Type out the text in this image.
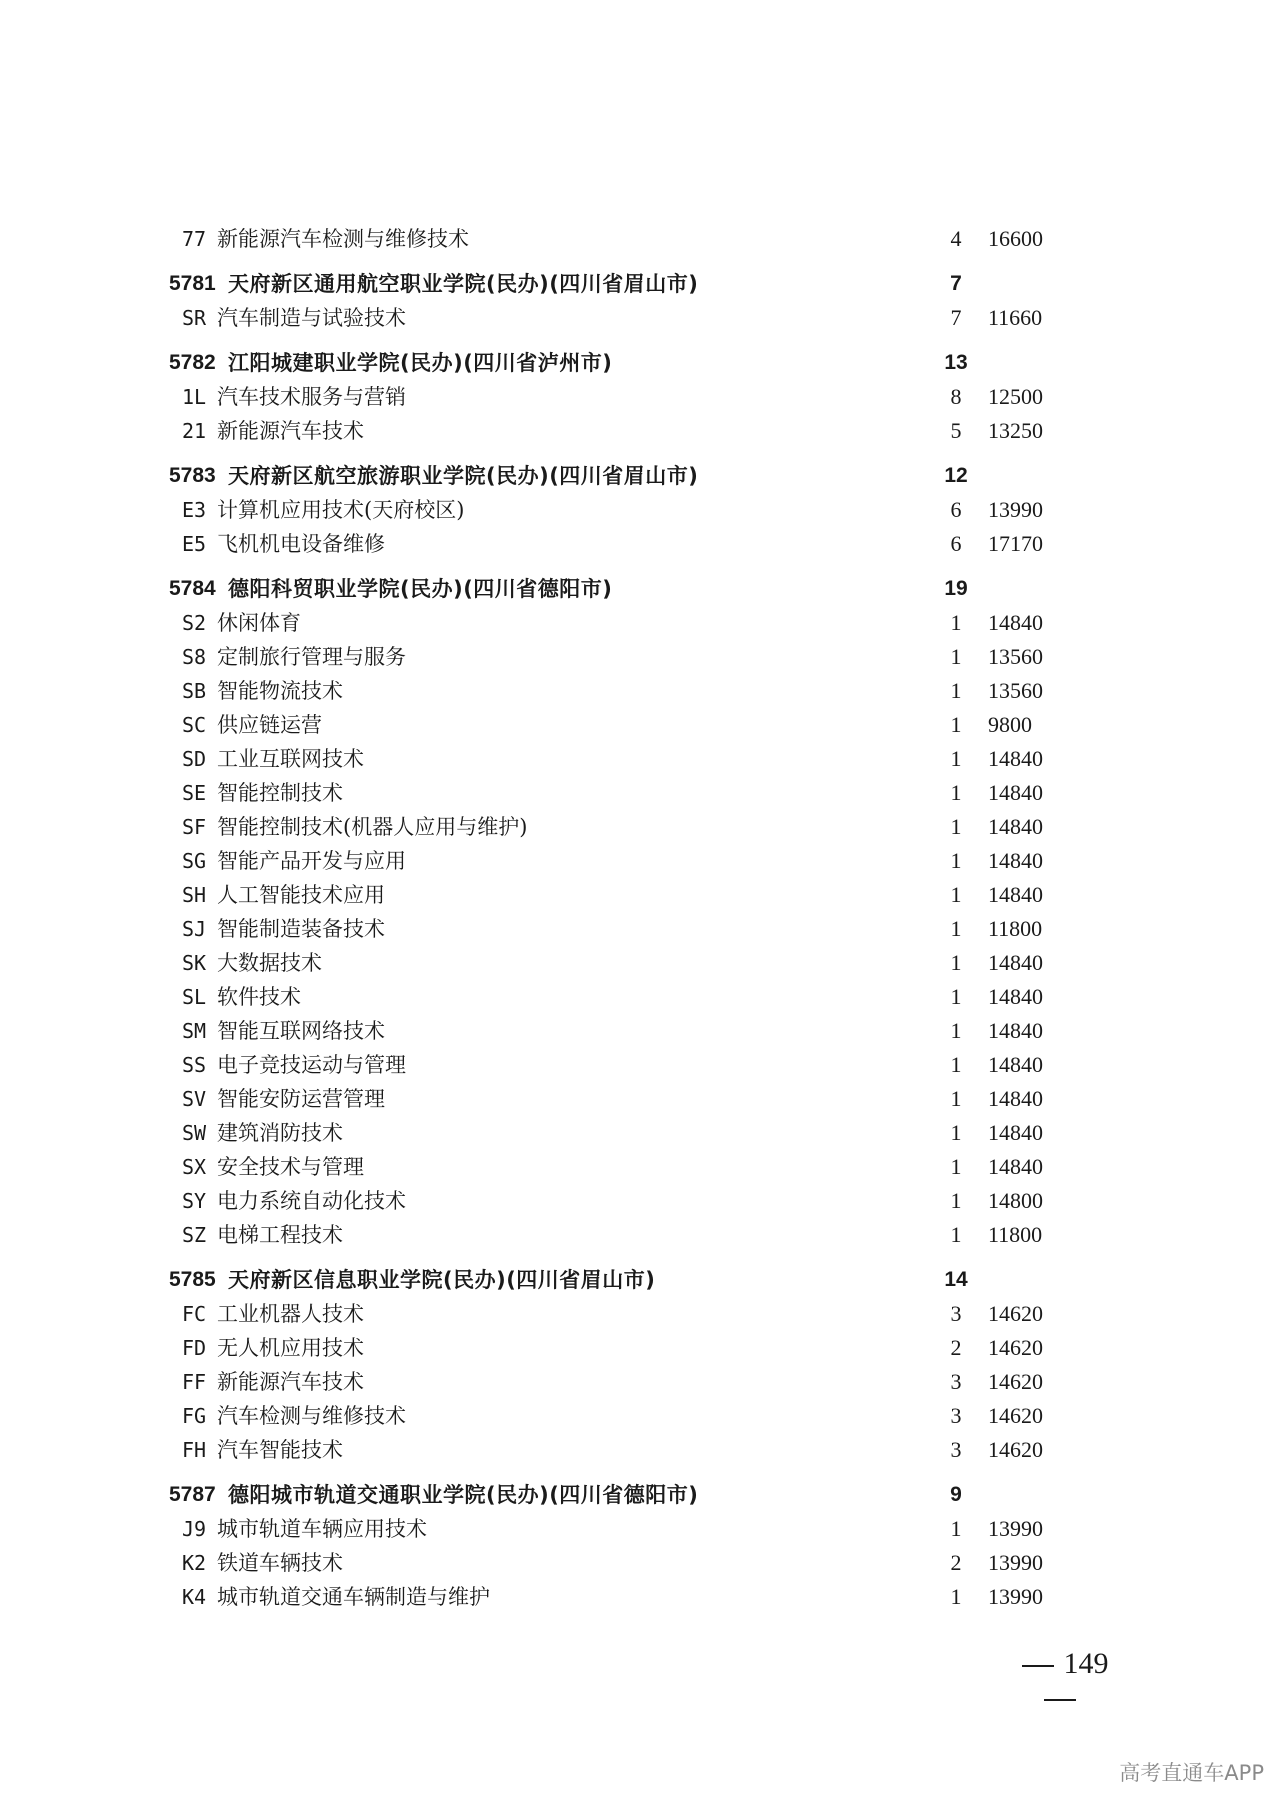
77 新能源汽车检测与维修技术	4 16600
5781 天府新区通用航空职业学院(民办)(四川省眉山市)	7
SR 汽车制造与试验技术	7 11660
5782 江阳城建职业学院(民办)(四川省泸州市)	13
1L 汽车技术服务与营销	8 12500
21 新能源汽车技术	5 13250
5783 天府新区航空旅游职业学院(民办)(四川省眉山市)	12
E3 计算机应用技术(天府校区)	6 13990
E5 飞机机电设备维修	6 17170
5784 德阳科贸职业学院(民办)(四川省德阳市)	19
S2 休闲体育	1 14840
S8 定制旅行管理与服务	1 13560
SB 智能物流技术	1 13560
SC 供应链运营	1 9800
SD 工业互联网技术	1 14840
SE 智能控制技术	1 14840
SF 智能控制技术(机器人应用与维护)	1 14840
SG 智能产品开发与应用	1 14840
SH 人工智能技术应用	1 14840
SJ 智能制造装备技术	1 11800
SK 大数据技术	1 14840
SL 软件技术	1 14840
SM 智能互联网络技术	1 14840
SS 电子竞技运动与管理	1 14840
SV 智能安防运营管理	1 14840
SW 建筑消防技术	1 14840
SX 安全技术与管理	1 14840
SY 电力系统自动化技术	1 14800
SZ 电梯工程技术	1 11800
5785 天府新区信息职业学院(民办)(四川省眉山市)	14
FC 工业机器人技术	3 14620
FD 无人机应用技术	2 14620
FF 新能源汽车技术	3 14620
FG 汽车检测与维修技术	3 14620
FH 汽车智能技术	3 14620
5787 德阳城市轨道交通职业学院(民办)(四川省德阳市)	9
J9 城市轨道车辆应用技术	1 13990
K2 铁道车辆技术	2 13990
K4 城市轨道交通车辆制造与维护	1 13990
149
高考直通车APP
